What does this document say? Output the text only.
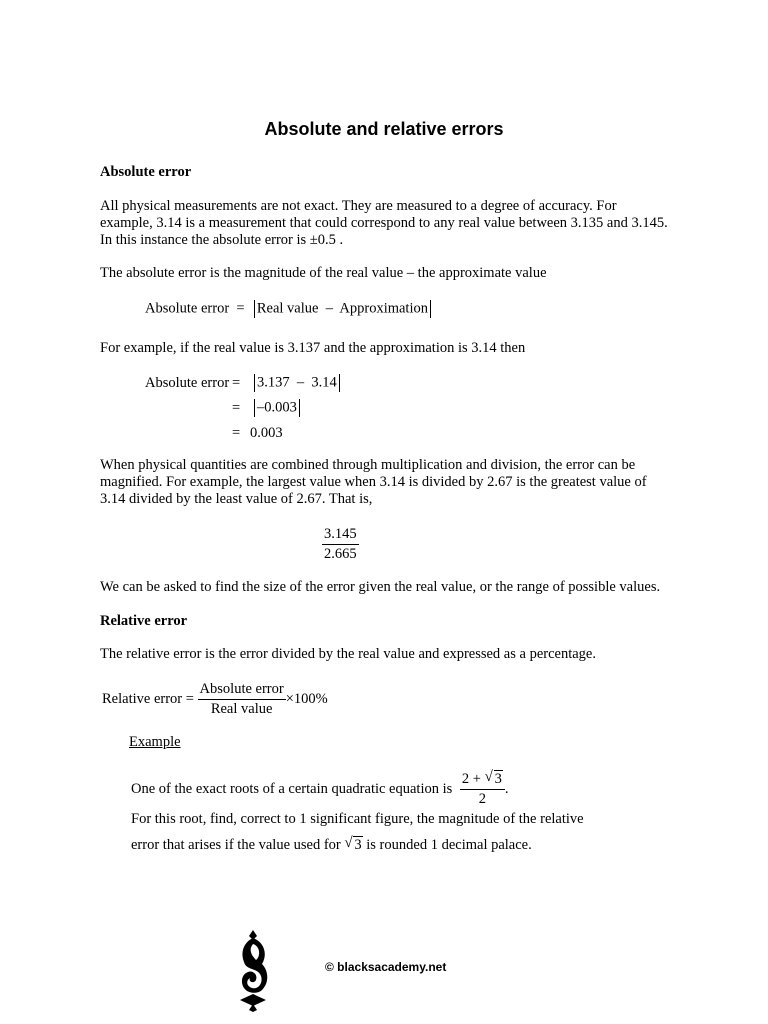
Absolute and relative errors
Absolute error
All physical measurements are not exact. They are measured to a degree of accuracy. For example, 3.14 is a measurement that could correspond to any real value between 3.135 and 3.145. In this instance the absolute error is ±0.5 .
The absolute error is the magnitude of the real value – the approximate value
Absolute error = Real value  –  Approximation
For example, if the real value is 3.137 and the approximation is 3.14 then
Absolute error =	3.137  –  3.14
=	–0.003
= 0.003
When physical quantities are combined through multiplication and division, the error can be magnified. For example, the largest value when 3.14 is divided by 2.67 is the greatest value of 3.14 divided by the least value of 2.67. That is,
$\frac{3.145}{2.665}$
We can be asked to find the size of the error given the real value, or the range of possible values.
Relative error
The relative error is the error divided by the real value and expressed as a percentage.
Relative error = $\frac{\text{Absolute error}}{\text{Real value}} \times 100\%$
Example
One of the exact roots of a certain quadratic equation is $\frac{2 + √ 3}{2}$ .
For this root, find, correct to 1 significant figure, the magnitude of the relative
error that arises if the value used for √ 3 is rounded 1 decimal palace.
© blacksacademy.net
